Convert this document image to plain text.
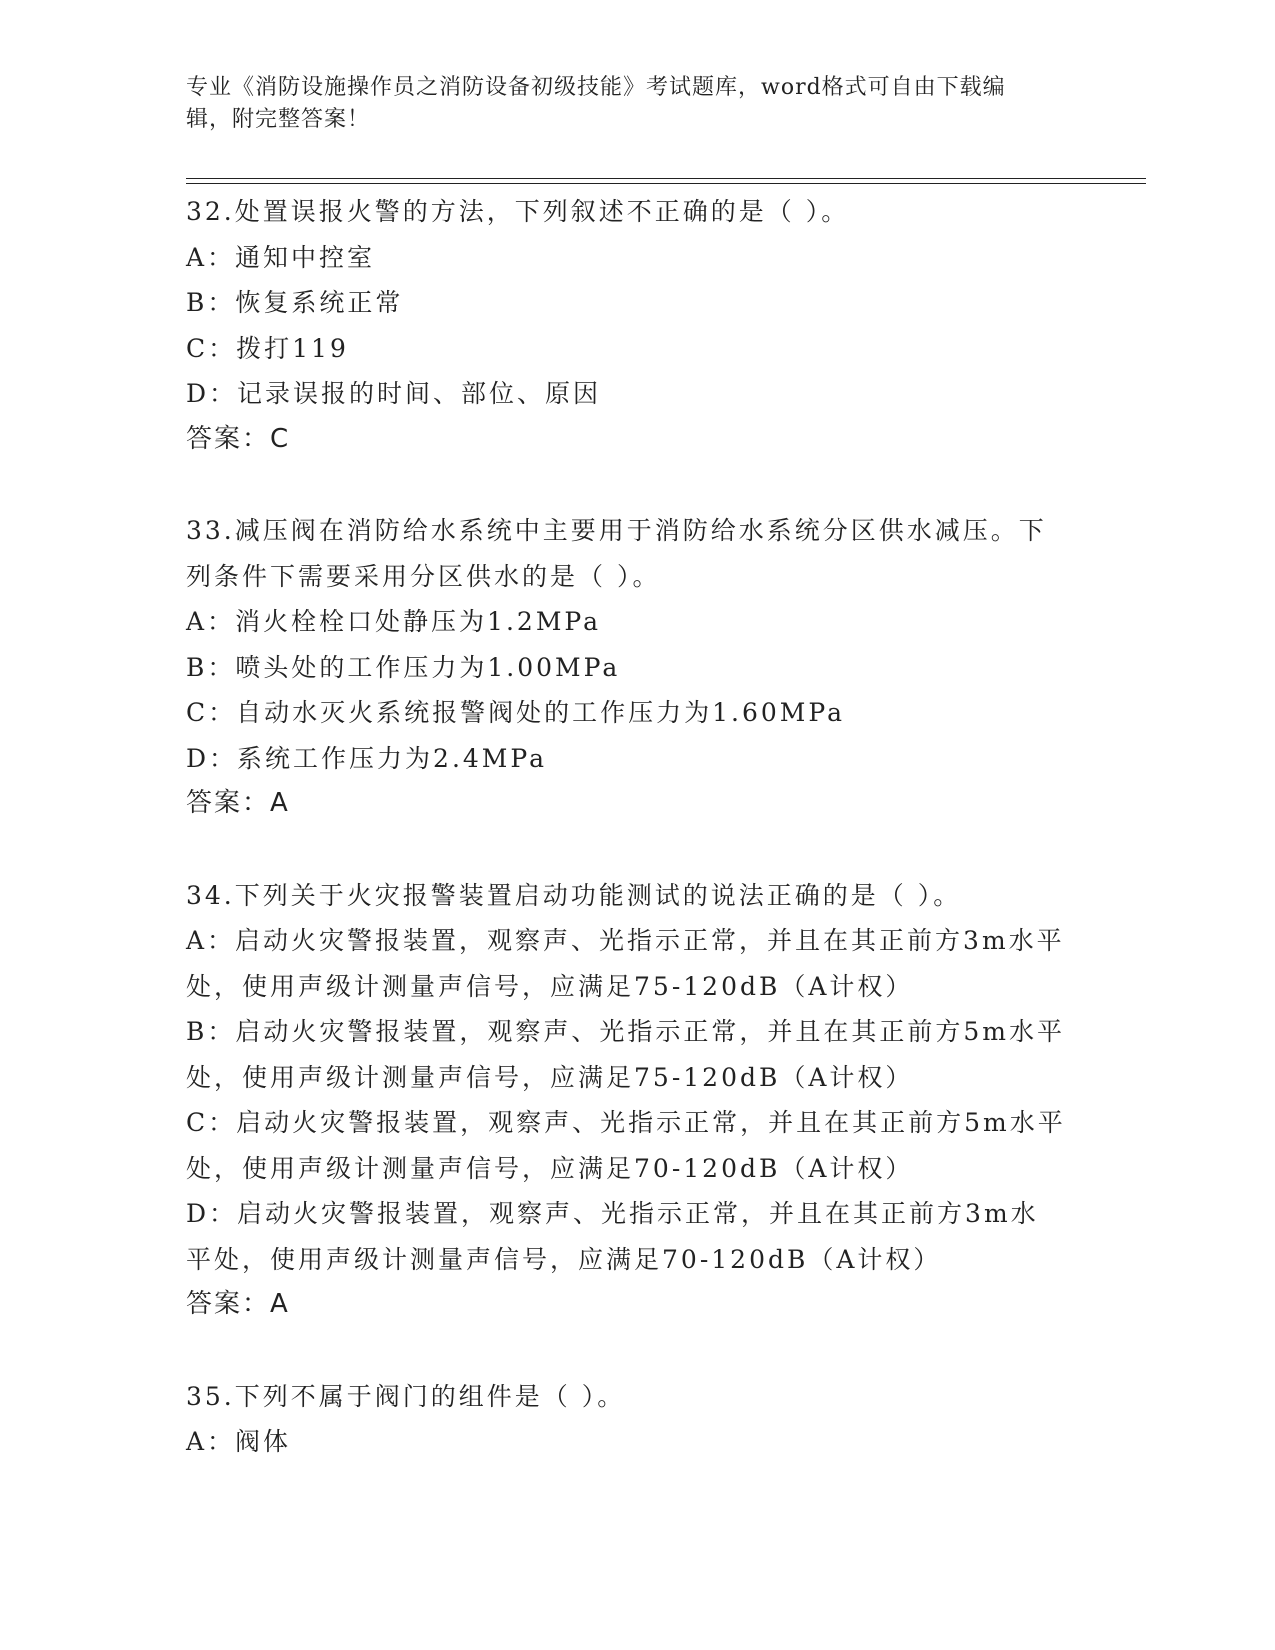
专业《消防设施操作员之消防设备初级技能》考试题库，word格式可自由下载编
辑，附完整答案！
32.处置误报火警的方法，下列叙述不正确的是（ ）。
A：通知中控室
B：恢复系统正常
C：拨打119
D：记录误报的时间、部位、原因
答案：C
33.减压阀在消防给水系统中主要用于消防给水系统分区供水减压。下列条件下需要采用分区供水的是（ ）。
A：消火栓栓口处静压为1.2MPa
B：喷头处的工作压力为1.00MPa
C：自动水灭火系统报警阀处的工作压力为1.60MPa
D：系统工作压力为2.4MPa
答案：A
34.下列关于火灾报警装置启动功能测试的说法正确的是（ ）。
A：启动火灾警报装置，观察声、光指示正常，并且在其正前方3m水平处，使用声级计测量声信号，应满足75-120dB（A计权）
B：启动火灾警报装置，观察声、光指示正常，并且在其正前方5m水平处，使用声级计测量声信号，应满足75-120dB（A计权）
C：启动火灾警报装置，观察声、光指示正常，并且在其正前方5m水平处，使用声级计测量声信号，应满足70-120dB（A计权）
D：启动火灾警报装置，观察声、光指示正常，并且在其正前方3m水平处，使用声级计测量声信号，应满足70-120dB（A计权）
答案：A
35.下列不属于阀门的组件是（ ）。
A：阀体
